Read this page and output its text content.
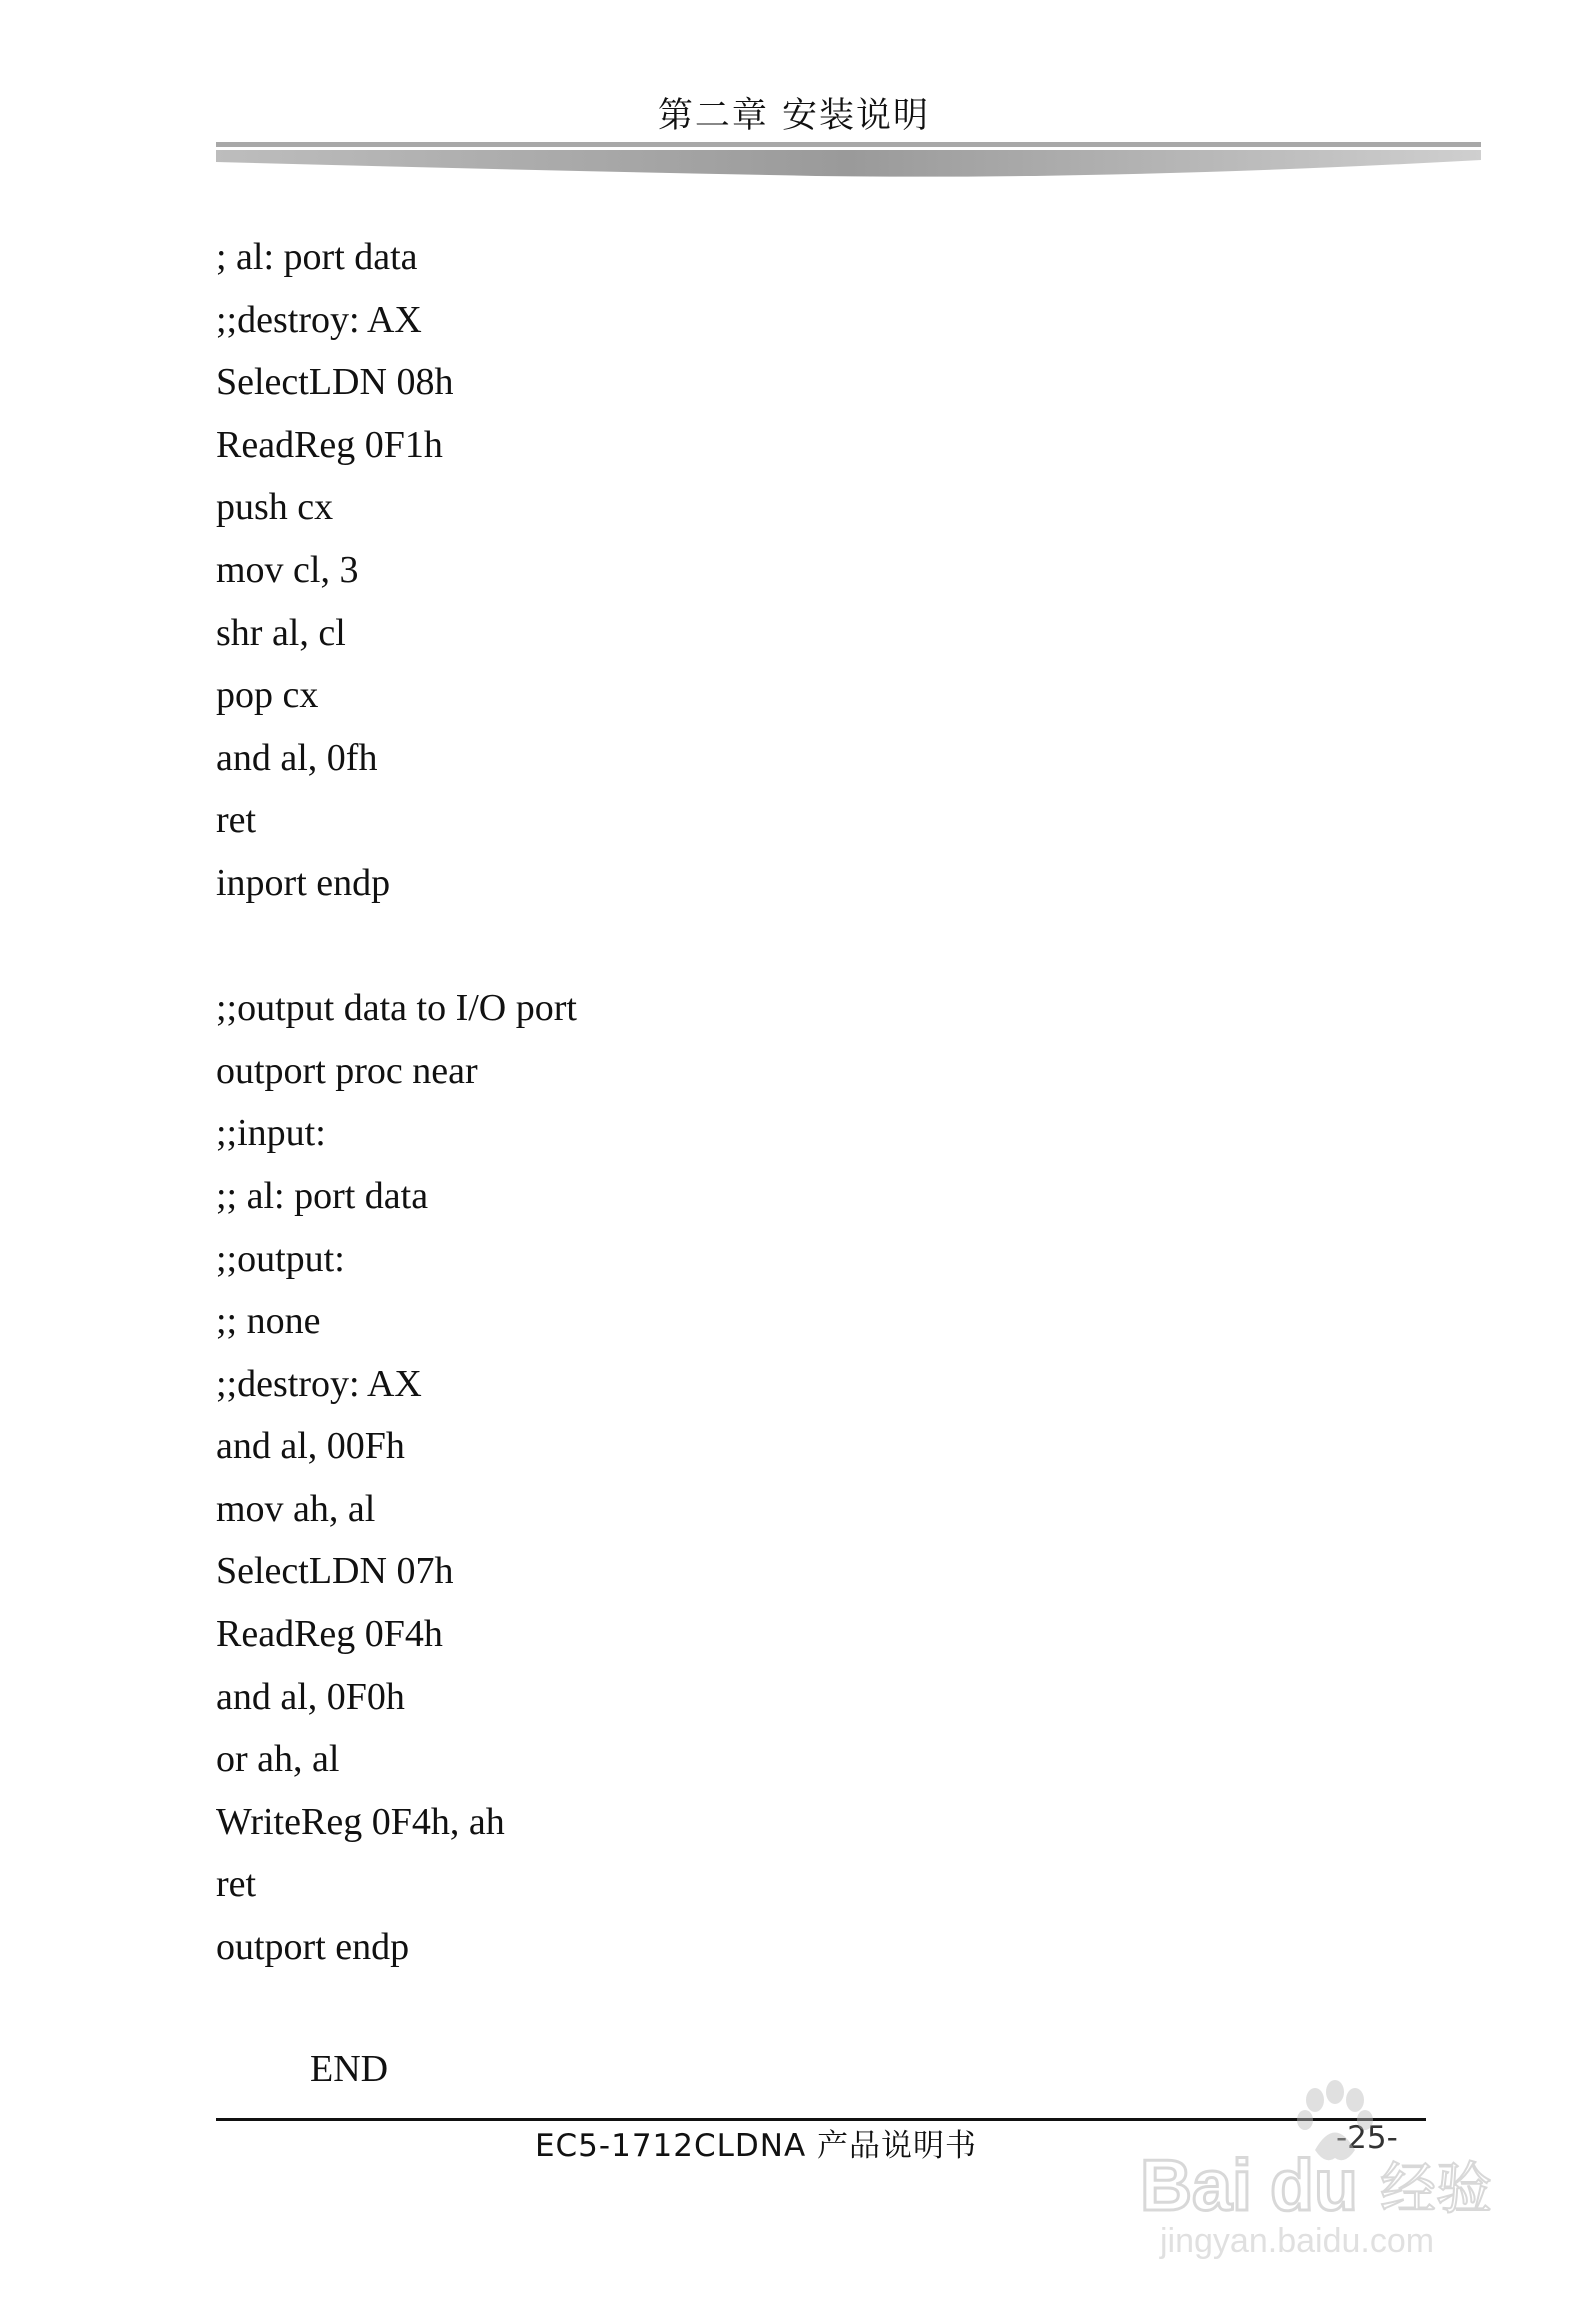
第二章 安装说明
; al: port data
;;destroy: AX
SelectLDN 08h
ReadReg 0F1h
push cx
mov cl, 3
shr al, cl
pop cx
and al, 0fh
ret
inport endp
;;output data to I/O port
outport proc near
;;input:
;; al: port data
;;output:
;; none
;;destroy: AX
and al, 00Fh
mov ah, al
SelectLDN 07h
ReadReg 0F4h
and al, 0F0h
or ah, al
WriteReg 0F4h, ah
ret
outport endp
END
EC5-1712CLDNA 产品说明书	-25-
Bai du 经验
jingyan.baidu.com
